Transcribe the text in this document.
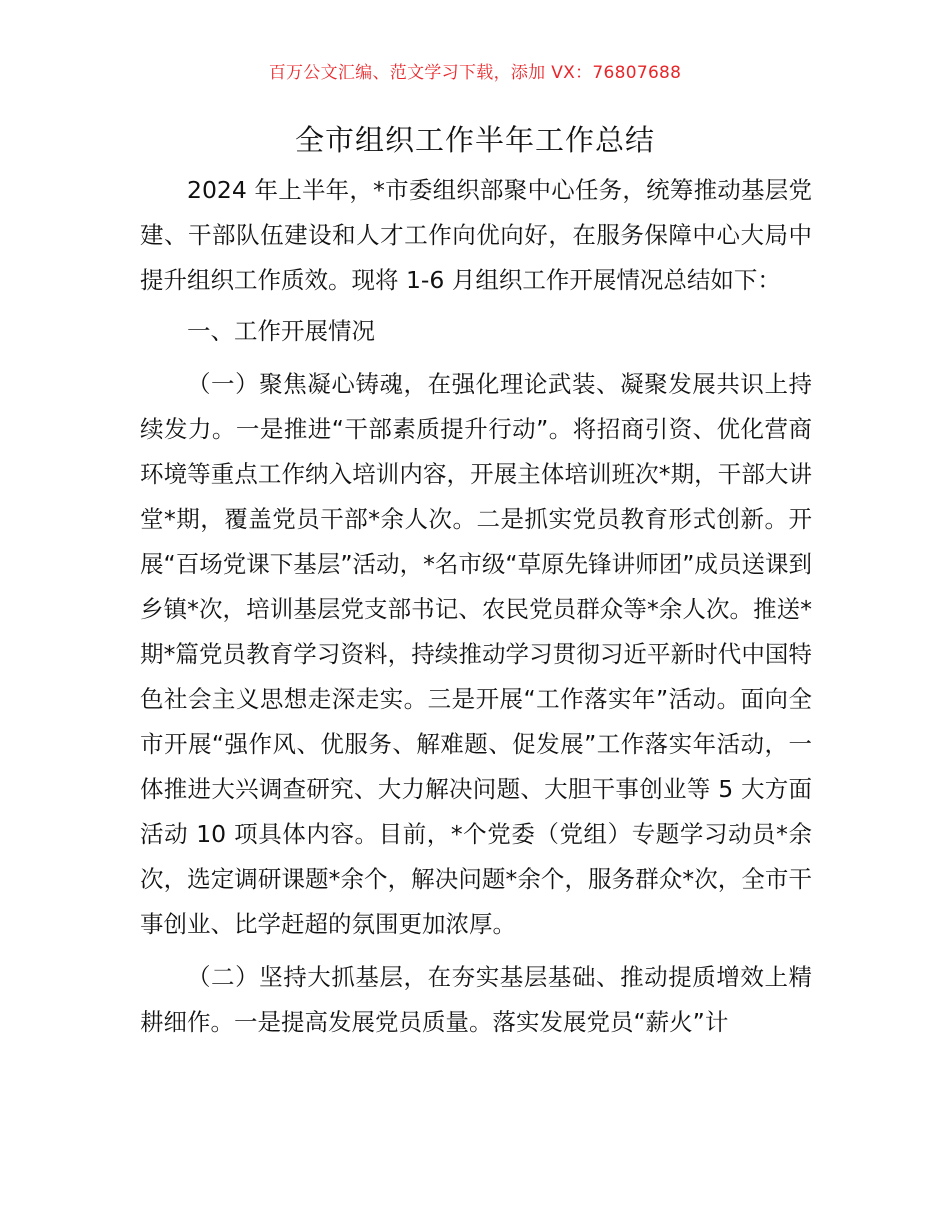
百万公文汇编、范文学习下载，添加 VX：76807688
全市组织工作半年工作总结

2024 年上半年，*市委组织部聚中心任务，统筹推动基层党建、干部队伍建设和人才工作向优向好，在服务保障中心大局中提升组织工作质效。现将 1-6 月组织工作开展情况总结如下：

一、工作开展情况

（一）聚焦凝心铸魂，在强化理论武装、凝聚发展共识上持续发力。一是推进“干部素质提升行动”。将招商引资、优化营商环境等重点工作纳入培训内容，开展主体培训班次*期，干部大讲堂*期，覆盖党员干部*余人次。二是抓实党员教育形式创新。开展“百场党课下基层”活动，*名市级“草原先锋讲师团”成员送课到乡镇*次，培训基层党支部书记、农民党员群众等*余人次。推送*期*篇党员教育学习资料，持续推动学习贯彻习近平新时代中国特色社会主义思想走深走实。三是开展“工作落实年”活动。面向全市开展“强作风、优服务、解难题、促发展”工作落实年活动，一体推进大兴调查研究、大力解决问题、大胆干事创业等 5 大方面活动 10 项具体内容。目前，*个党委（党组）专题学习动员*余次，选定调研课题*余个，解决问题*余个，服务群众*次，全市干事创业、比学赶超的氛围更加浓厚。

（二）坚持大抓基层，在夯实基层基础、推动提质增效上精耕细作。一是提高发展党员质量。落实发展党员“薪火”计
